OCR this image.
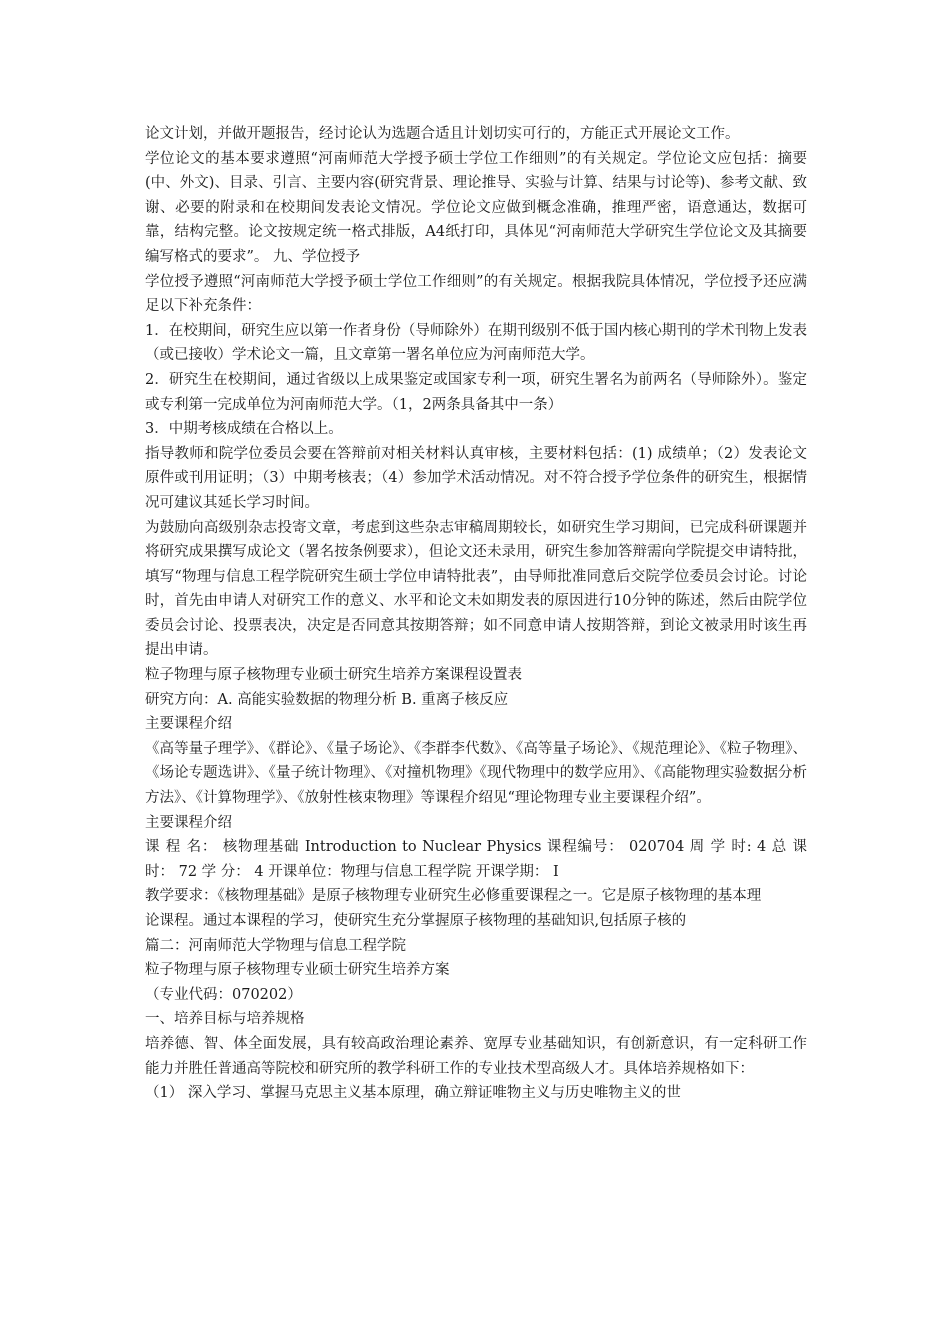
论文计划，并做开题报告，经讨论认为选题合适且计划切实可行的，方能正式开展论文工作。

学位论文的基本要求遵照“河南师范大学授予硕士学位工作细则”的有关规定。学位论文应包括：摘要(中、外文)、目录、引言、主要内容(研究背景、理论推导、实验与计算、结果与讨论等)、参考文献、致谢、必要的附录和在校期间发表论文情况。学位论文应做到概念准确，推理严密，语意通达，数据可靠，结构完整。论文按规定统一格式排版，A4纸打印，具体见“河南师范大学研究生学位论文及其摘要编写格式的要求”。 九、学位授予

学位授予遵照“河南师范大学授予硕士学位工作细则”的有关规定。根据我院具体情况，学位授予还应满足以下补充条件：

1．在校期间，研究生应以第一作者身份（导师除外）在期刊级别不低于国内核心期刊的学术刊物上发表（或已接收）学术论文一篇，且文章第一署名单位应为河南师范大学。

2．研究生在校期间，通过省级以上成果鉴定或国家专利一项，研究生署名为前两名（导师除外）。鉴定或专利第一完成单位为河南师范大学。（1，2两条具备其中一条）

3．中期考核成绩在合格以上。

指导教师和院学位委员会要在答辩前对相关材料认真审核，主要材料包括：(1) 成绩单；（2）发表论文原件或刊用证明；（3）中期考核表；（4）参加学术活动情况。对不符合授予学位条件的研究生，根据情况可建议其延长学习时间。

为鼓励向高级别杂志投寄文章，考虑到这些杂志审稿周期较长，如研究生学习期间，已完成科研课题并将研究成果撰写成论文（署名按条例要求），但论文还未录用，研究生参加答辩需向学院提交申请特批，填写“物理与信息工程学院研究生硕士学位申请特批表”，由导师批准同意后交院学位委员会讨论。讨论时，首先由申请人对研究工作的意义、水平和论文未如期发表的原因进行10分钟的陈述，然后由院学位委员会讨论、投票表决，决定是否同意其按期答辩；如不同意申请人按期答辩，到论文被录用时该生再提出申请。

粒子物理与原子核物理专业硕士研究生培养方案课程设置表

研究方向：A. 高能实验数据的物理分析 B. 重离子核反应

主要课程介绍

《高等量子理学》、《群论》、《量子场论》、《李群李代数》、《高等量子场论》、《规范理论》、《粒子物理》、《场论专题选讲》、《量子统计物理》、《对撞机物理》《现代物理中的数学应用》、《高能物理实验数据分析方法》、《计算物理学》、《放射性核束物理》等课程介绍见“理论物理专业主要课程介绍”。

主要课程介绍

课 程 名： 核物理基础 Introduction to Nuclear Physics 课程编号： 020704 周 学 时: 4 总 课时： 72 学 分： 4 开课单位：物理与信息工程学院 开课学期： Ⅰ

教学要求：《核物理基础》是原子核物理专业研究生必修重要课程之一。它是原子核物理的基本理

论课程。通过本课程的学习，使研究生充分掌握原子核物理的基础知识,包括原子核的

篇二：河南师范大学物理与信息工程学院

粒子物理与原子核物理专业硕士研究生培养方案

（专业代码：070202）

一、培养目标与培养规格

培养德、智、体全面发展，具有较高政治理论素养、宽厚专业基础知识，有创新意识，有一定科研工作能力并胜任普通高等院校和研究所的教学科研工作的专业技术型高级人才。具体培养规格如下：

（1） 深入学习、掌握马克思主义基本原理，确立辩证唯物主义与历史唯物主义的世
